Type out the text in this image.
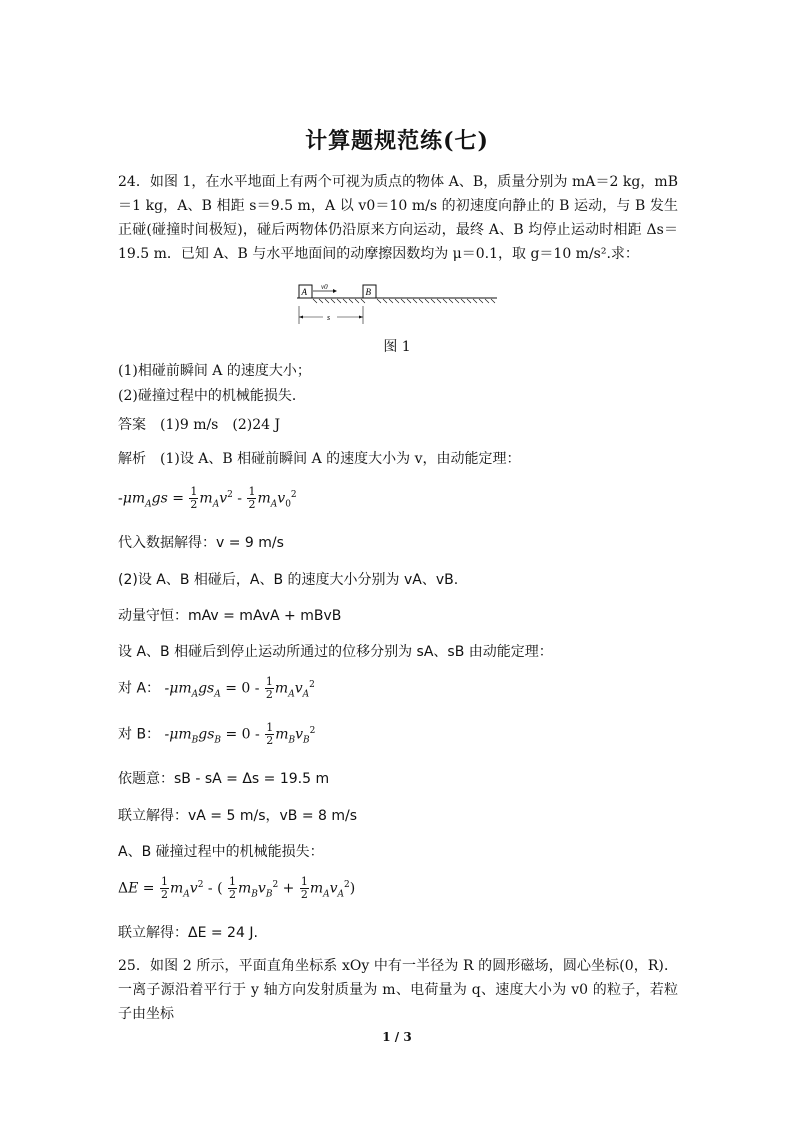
计算题规范练(七)
24．如图 1，在水平地面上有两个可视为质点的物体 A、B，质量分别为 mA＝2 kg，mB＝1 kg，A、B 相距 s＝9.5 m，A 以 v0＝10 m/s 的初速度向静止的 B 运动，与 B 发生正碰(碰撞时间极短)，碰后两物体仍沿原来方向运动，最终 A、B 均停止运动时相距 Δs＝19.5 m．已知 A、B 与水平地面间的动摩擦因数均为 μ＝0.1，取 g＝10 m/s².求：
A v0	B
s
图 1
(1)相碰前瞬间 A 的速度大小；
(2)碰撞过程中的机械能损失．
答案　(1)9 m/s　(2)24 J
解析　(1)设 A、B 相碰前瞬间 A 的速度大小为 v，由动能定理：
$-\mu m_Ags = \frac{1}{2} m_Av^2 - \frac{1}{2} m_Av_0^2$
代入数据解得：v = 9 m/s
(2)设 A、B 相碰后，A、B 的速度大小分别为 vA、vB.
动量守恒：mAv = mAvA + mBvB
设 A、B 相碰后到停止运动所通过的位移分别为 sA、sB 由动能定理：
对 A： $-\mu m_Ags_A = 0 - \frac{1}{2} m_Av_A^2$
对 B： $-\mu m_Bgs_B = 0 - \frac{1}{2} m_Bv_B^2$
依题意：sB - sA = Δs = 19.5 m
联立解得：vA = 5 m/s，vB = 8 m/s
A、B 碰撞过程中的机械能损失：
$\Delta E = \frac{1}{2} m_Av^2$ - ( $\frac{1}{2} m_Bv_B^2 + \frac{1}{2} m_Av_A^2$)
联立解得：ΔE = 24 J.
25．如图 2 所示，平面直角坐标系 xOy 中有一半径为 R 的圆形磁场，圆心坐标(0，R)．一离子源沿着平行于 y 轴方向发射质量为 m、电荷量为 q、速度大小为 v0 的粒子，若粒子由坐标
1 / 3
